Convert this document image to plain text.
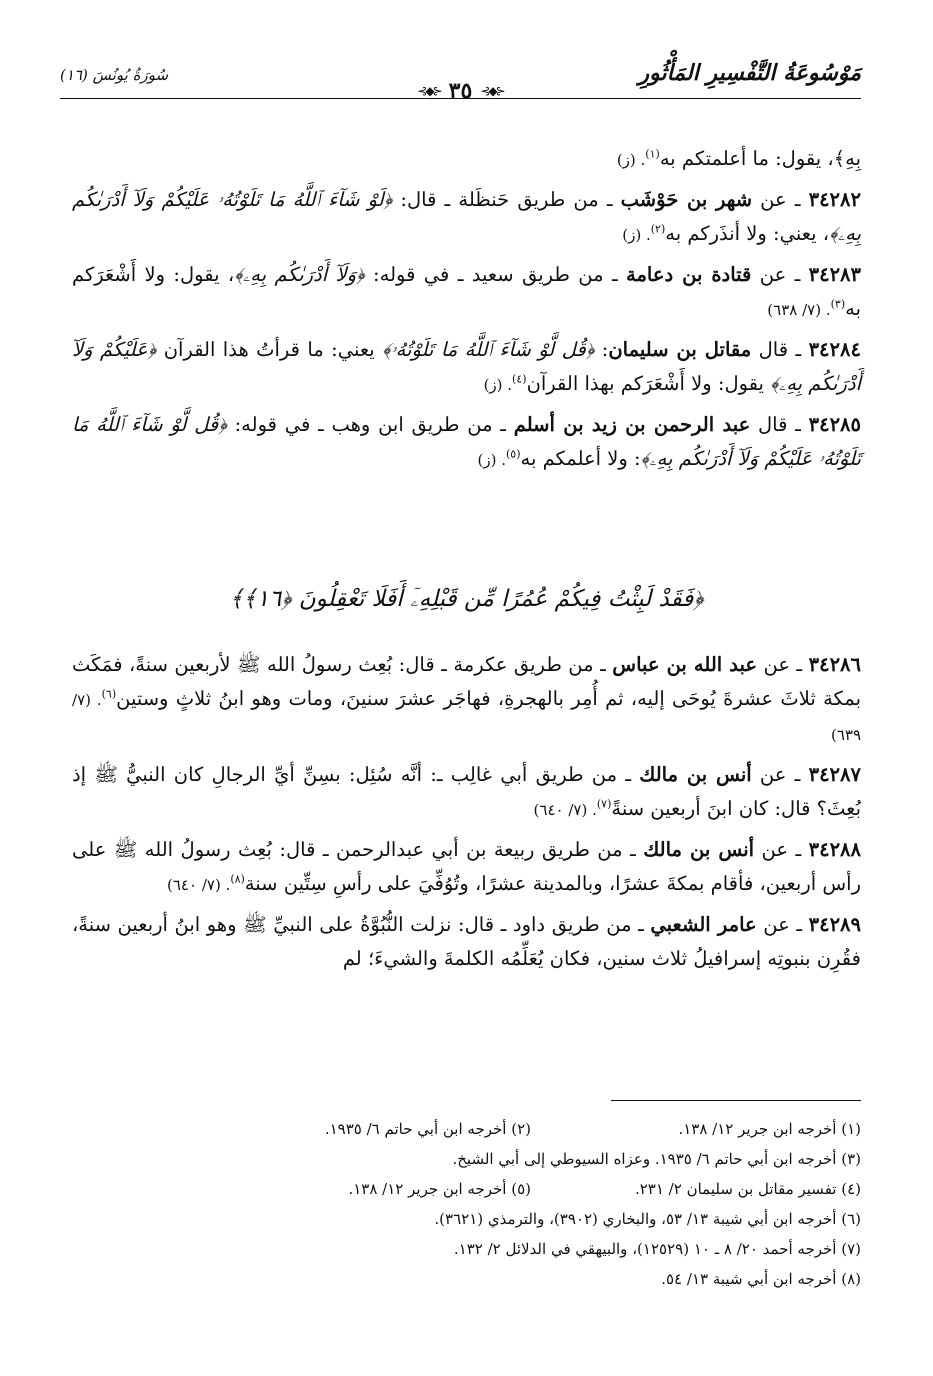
مَوْسُوعَةُ التَّفْسِيرِ المَأْثُورِ
⊰◆⊱ ٣٥ ⊰◆⊱
سُورَةُ يُونُسَ (١٦)

بِهِ﴾، يقول: ما أعلمتكم به$^{(١)}$. (ز)

٣٤٢٨٢ ـ عن شهر بن حَوْشَب ـ من طريق حَنظَلة ـ قال: ﴿لَوْ شَآءَ ٱللَّهُ مَا تَلَوْتُهُۥ عَلَيْكُمْ وَلَآ أَدْرَىٰكُم بِهِۦ﴾، يعني: ولا أنذَركم به$^{(٢)}$. (ز)

٣٤٢٨٣ ـ عن قتادة بن دعامة ـ من طريق سعيد ـ في قوله: ﴿وَلَآ أَدْرَىٰكُم بِهِۦ﴾، يقول: ولا أَشْعَرَكم به$^{(٣)}$. (٧/ ٦٣٨)

٣٤٢٨٤ ـ قال مقاتل بن سليمان: ﴿قُل لَّوْ شَآءَ ٱللَّهُ مَا تَلَوْتُهُۥ﴾ يعني: ما قرأتُ هذا القرآن ﴿عَلَيْكُمْ وَلَآ أَدْرَىٰكُم بِهِۦ﴾ يقول: ولا أَشْعَرَكم بهذا القرآن$^{(٤)}$. (ز)

٣٤٢٨٥ ـ قال عبد الرحمن بن زيد بن أسلم ـ من طريق ابن وهب ـ في قوله: ﴿قُل لَّوْ شَآءَ ٱللَّهُ مَا تَلَوْتُهُۥ عَلَيْكُمْ وَلَآ أَدْرَىٰكُم بِهِۦ﴾: ولا أعلمكم به$^{(٥)}$. (ز)

﴿فَقَدْ لَبِثْتُ فِيكُمْ عُمُرًا مِّن قَبْلِهِۦٓ أَفَلَا تَعْقِلُونَ ﴿١٦﴾﴾

٣٤٢٨٦ ـ عن عبد الله بن عباس ـ من طريق عكرمة ـ قال: بُعِث رسولُ الله ﷺ لأربعين سنةً، فمَكَث بمكة ثلاثَ عشرةَ يُوحَى إليه، ثم أُمِر بالهجرةِ، فهاجَر عشرَ سنينَ، ومات وهو ابنُ ثلاثٍ وستين$^{(٦)}$. (٧/ ٦٣٩)

٣٤٢٨٧ ـ عن أنس بن مالك ـ من طريق أبي غالِب ـ: أنَّه سُئِل: بسِنِّ أيِّ الرجالِ كان النبيُّ ﷺ إذ بُعِثَ؟ قال: كان ابنَ أربعين سنةً$^{(٧)}$. (٧/ ٦٤٠)

٣٤٢٨٨ ـ عن أنس بن مالك ـ من طريق ربيعة بن أبي عبدالرحمن ـ قال: بُعِث رسولُ الله ﷺ على رأس أربعين، فأقام بمكةَ عشرًا، وبالمدينة عشرًا، وتُوُفِّيَ على رأسِ سِتِّين سنة$^{(٨)}$. (٧/ ٦٤٠)

٣٤٢٨٩ ـ عن عامر الشعبي ـ من طريق داود ـ قال: نزلت النُّبُوَّةُ على النبيِّ ﷺ وهو ابنُ أربعين سنةً، فقُرِن بنبوتِه إسرافيلُ ثلاث سنين، فكان يُعَلِّمُه الكلمةَ والشيءَ؛ لم

(١) أخرجه ابن جرير ١٢/ ١٣٨.
(٢) أخرجه ابن أبي حاتم ٦/ ١٩٣٥.
(٣) أخرجه ابن أبي حاتم ٦/ ١٩٣٥. وعزاه السيوطي إلى أبي الشيخ.
(٤) تفسير مقاتل بن سليمان ٢/ ٢٣١.
(٥) أخرجه ابن جرير ١٢/ ١٣٨.
(٦) أخرجه ابن أبي شيبة ١٣/ ٥٣، والبخاري (٣٩٠٢)، والترمذي (٣٦٢١).
(٧) أخرجه أحمد ٢٠/ ٨ ـ ١٠ (١٢٥٢٩)، والبيهقي في الدلائل ٢/ ١٣٢.
(٨) أخرجه ابن أبي شيبة ١٣/ ٥٤.
